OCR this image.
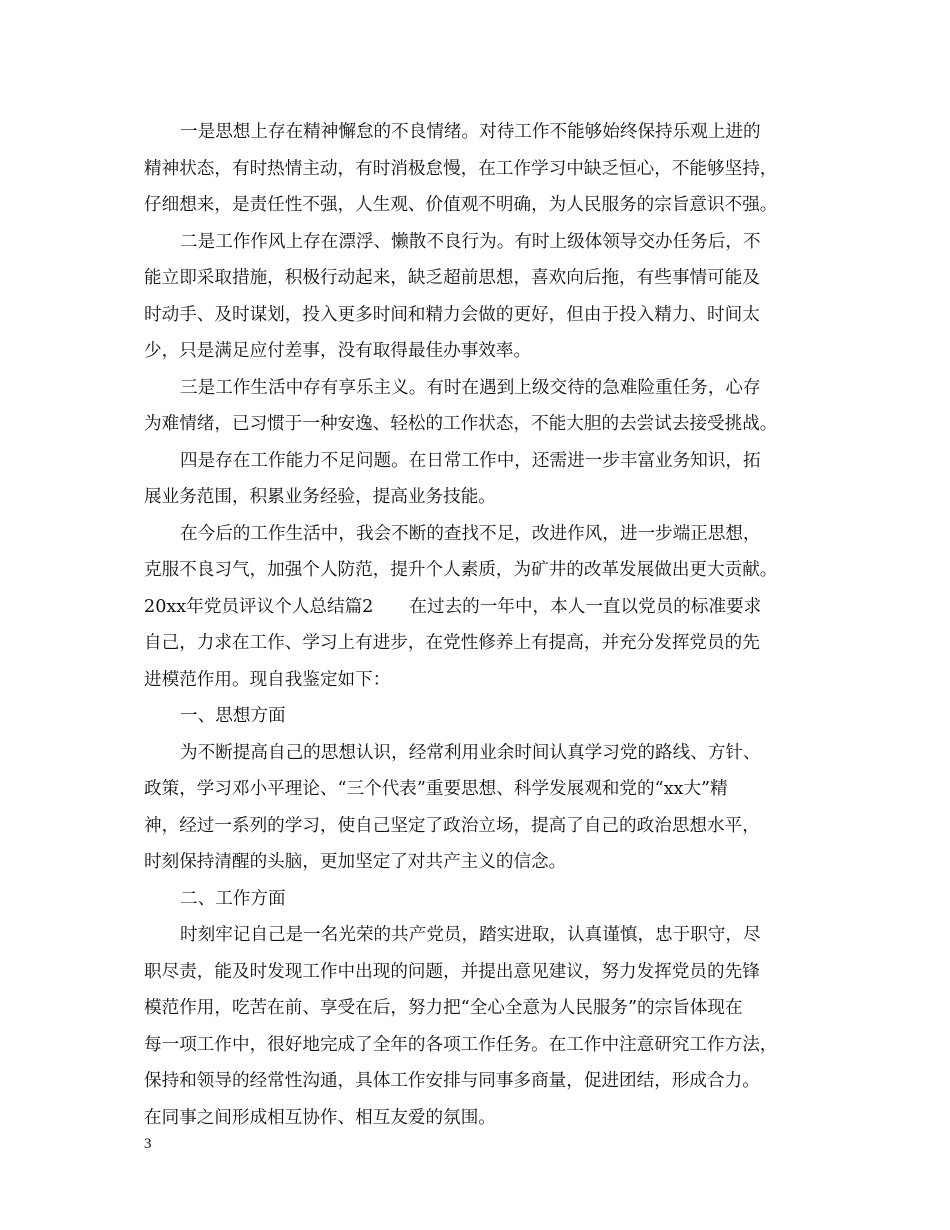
一是思想上存在精神懈怠的不良情绪。对待工作不能够始终保持乐观上进的
精神状态，有时热情主动，有时消极怠慢，在工作学习中缺乏恒心，不能够坚持，
仔细想来，是责任性不强，人生观、价值观不明确，为人民服务的宗旨意识不强。
二是工作作风上存在漂浮、懒散不良行为。有时上级体领导交办任务后，不
能立即采取措施，积极行动起来，缺乏超前思想，喜欢向后拖，有些事情可能及
时动手、及时谋划，投入更多时间和精力会做的更好，但由于投入精力、时间太
少，只是满足应付差事，没有取得最佳办事效率。
三是工作生活中存有享乐主义。有时在遇到上级交待的急难险重任务，心存
为难情绪，已习惯于一种安逸、轻松的工作状态，不能大胆的去尝试去接受挑战。
四是存在工作能力不足问题。在日常工作中，还需进一步丰富业务知识，拓
展业务范围，积累业务经验，提高业务技能。
在今后的工作生活中，我会不断的查找不足，改进作风，进一步端正思想，
克服不良习气，加强个人防范，提升个人素质，为矿井的改革发展做出更大贡献。
20xx年党员评议个人总结篇2 在过去的一年中，本人一直以党员的标准要求
自己，力求在工作、学习上有进步，在党性修养上有提高，并充分发挥党员的先
进模范作用。现自我鉴定如下：
一、思想方面
为不断提高自己的思想认识，经常利用业余时间认真学习党的路线、方针、
政策，学习邓小平理论、“三个代表”重要思想、科学发展观和党的“xx大”精
神，经过一系列的学习，使自己坚定了政治立场，提高了自己的政治思想水平，
时刻保持清醒的头脑，更加坚定了对共产主义的信念。
二、工作方面
时刻牢记自己是一名光荣的共产党员，踏实进取，认真谨慎，忠于职守，尽
职尽责，能及时发现工作中出现的问题，并提出意见建议，努力发挥党员的先锋
模范作用，吃苦在前、享受在后，努力把“全心全意为人民服务”的宗旨体现在
每一项工作中，很好地完成了全年的各项工作任务。在工作中注意研究工作方法，
保持和领导的经常性沟通，具体工作安排与同事多商量，促进团结，形成合力。
在同事之间形成相互协作、相互友爱的氛围。
3
